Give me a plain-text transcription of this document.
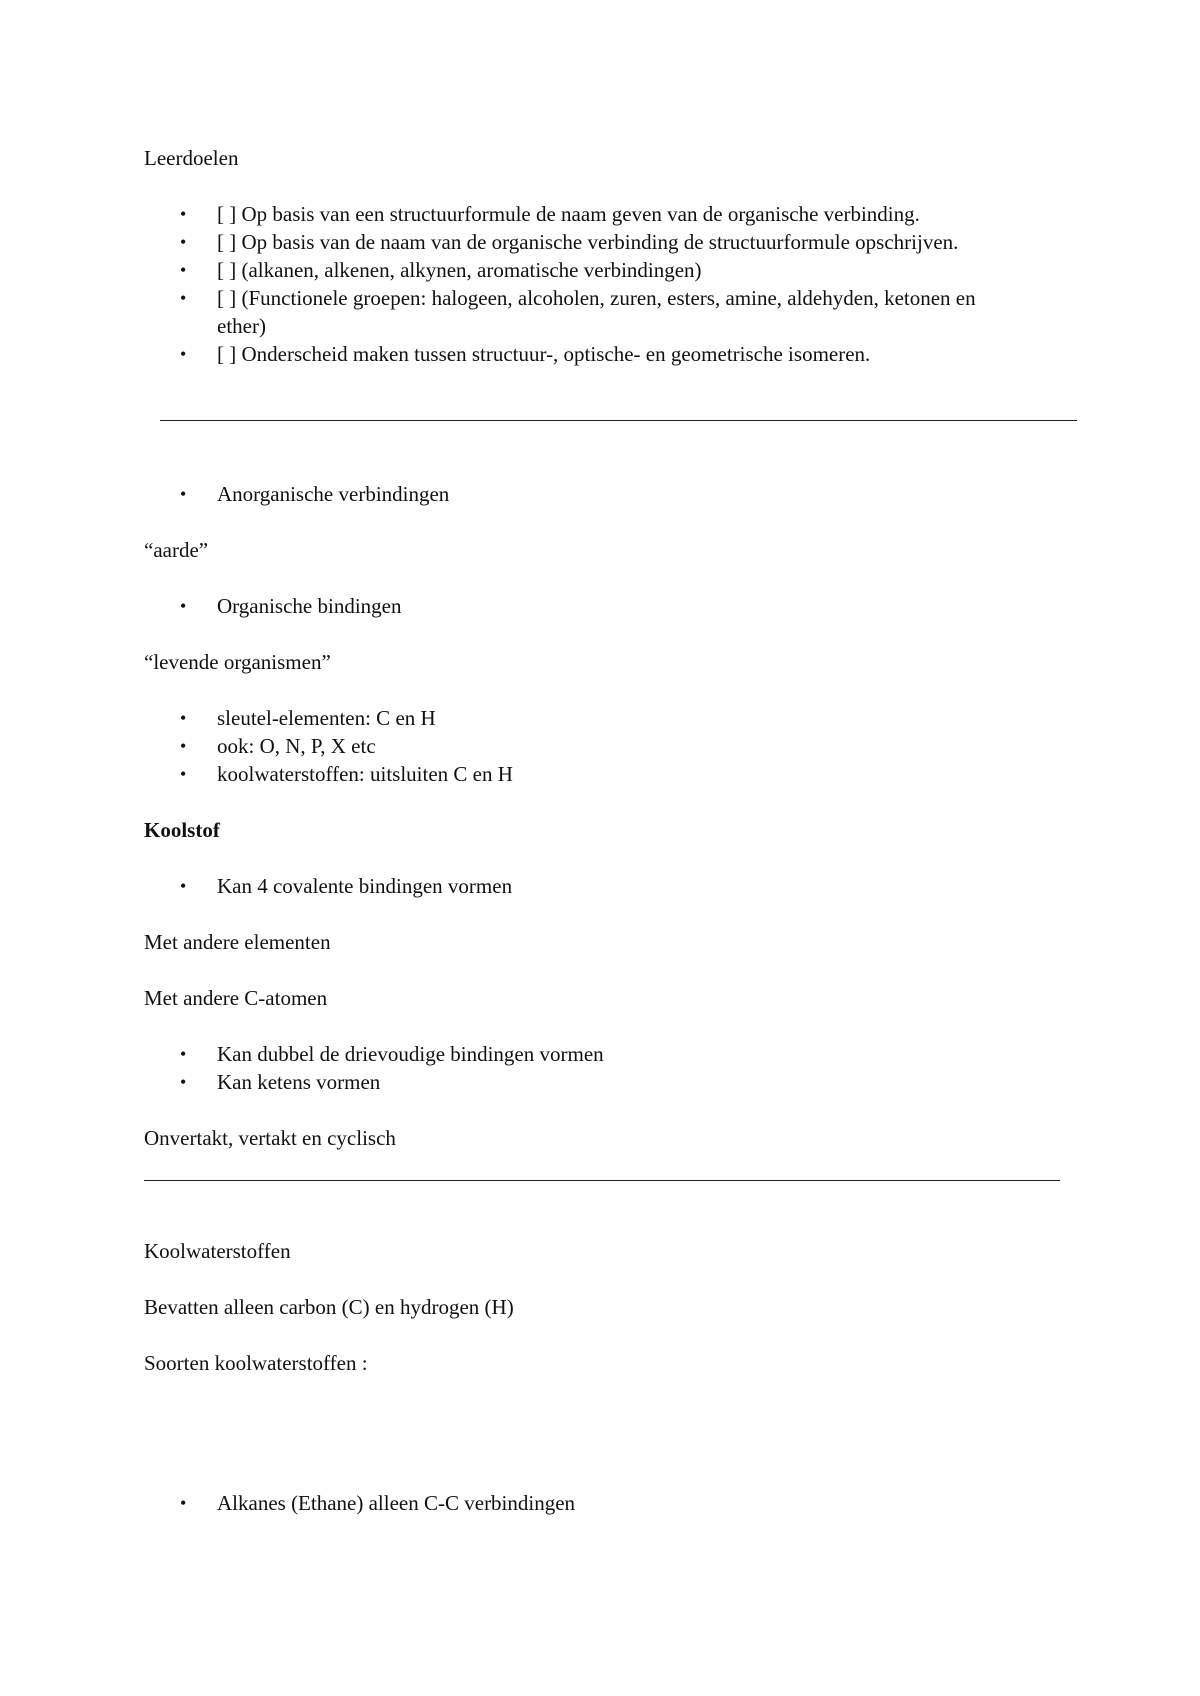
Leerdoelen

• [ ] Op basis van een structuurformule de naam geven van de organische verbinding.
• [ ] Op basis van de naam van de organische verbinding de structuurformule opschrijven.
• [ ] (alkanen, alkenen, alkynen, aromatische verbindingen)
• [ ] (Functionele groepen: halogeen, alcoholen, zuren, esters, amine, aldehyden, ketonen en ether)
• [ ] Onderscheid maken tussen structuur-, optische- en geometrische isomeren.
• Anorganische verbindingen

“aarde”

• Organische bindingen

“levende organismen”

• sleutel-elementen: C en H
• ook: O, N, P, X etc
• koolwaterstoffen: uitsluiten C en H

Koolstof

• Kan 4 covalente bindingen vormen

Met andere elementen

Met andere C-atomen

• Kan dubbel de drievoudige bindingen vormen
• Kan ketens vormen

Onvertakt, vertakt en cyclisch

Koolwaterstoffen

Bevatten alleen carbon (C) en hydrogen (H)

Soorten koolwaterstoffen :

• Alkanes (Ethane) alleen C-C verbindingen
